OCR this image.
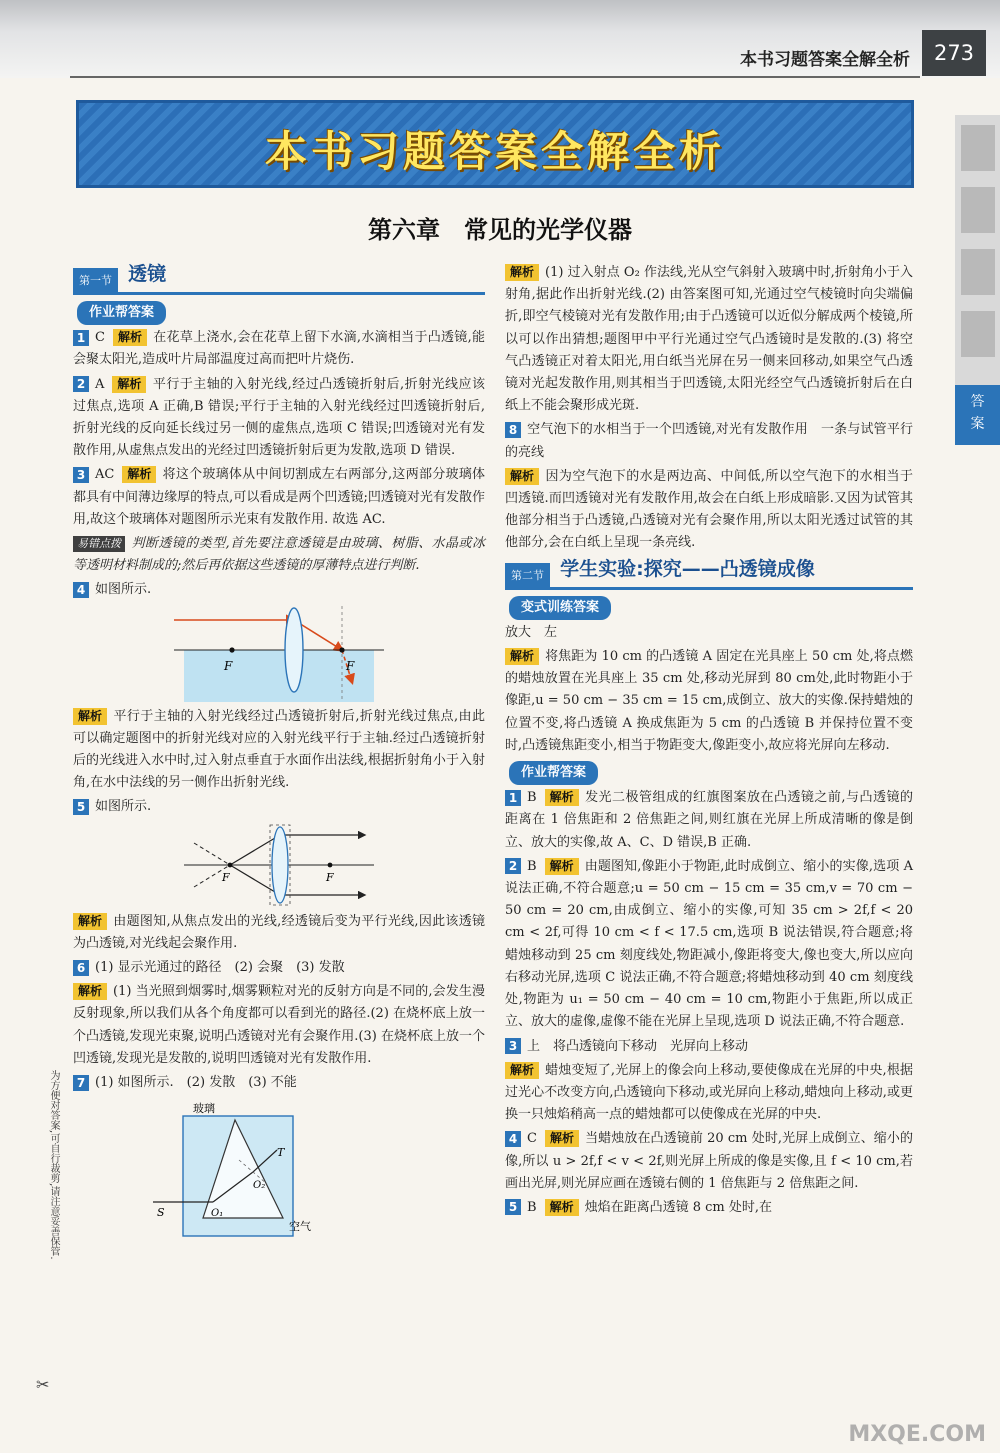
本书习题答案全解全析	273
本书习题答案全解全析
第六章　常见的光学仪器
答
案
第一节 透镜
作业帮答案

1 C 解析 在花草上浇水,会在花草上留下水滴,水滴相当于凸透镜,能会聚太阳光,造成叶片局部温度过高而把叶片烧伤.

2 A 解析 平行于主轴的入射光线,经过凸透镜折射后,折射光线应该过焦点,选项 A 正确,B 错误;平行于主轴的入射光线经过凹透镜折射后,折射光线的反向延长线过另一侧的虚焦点,选项 C 错误;凹透镜对光有发散作用,从虚焦点发出的光经过凹透镜折射后更为发散,选项 D 错误.

3 AC 解析 将这个玻璃体从中间切割成左右两部分,这两部分玻璃体都具有中间薄边缘厚的特点,可以看成是两个凹透镜;凹透镜对光有发散作用,故这个玻璃体对题图所示光束有发散作用. 故选 AC.

易错点拨 判断透镜的类型,首先要注意透镜是由玻璃、树脂、水晶或冰等透明材料制成的;然后再依据这些透镜的厚薄特点进行判断.

4 如图所示.

F	F

解析 平行于主轴的入射光线经过凸透镜折射后,折射光线过焦点,由此可以确定题图中的折射光线对应的入射光线平行于主轴.经过凸透镜折射后的光线进入水中时,过入射点垂直于水面作出法线,根据折射角小于入射角,在水中法线的另一侧作出折射光线.

5 如图所示.

F	F

解析 由题图知,从焦点发出的光线,经透镜后变为平行光线,因此该透镜为凸透镜,对光线起会聚作用.

6 (1) 显示光通过的路径　(2) 会聚　(3) 发散

解析 (1) 当光照到烟雾时,烟雾颗粒对光的反射方向是不同的,会发生漫反射现象,所以我们从各个角度都可以看到光的路径.(2) 在烧杯底上放一个凸透镜,发现光束聚,说明凸透镜对光有会聚作用.(3) 在烧杯底上放一个凹透镜,发现光是发散的,说明凹透镜对光有发散作用.

7 (1) 如图所示.　(2) 发散　(3) 不能

玻璃
空气
S
T
O₁
O₂

解析 (1) 过入射点 O₂ 作法线,光从空气斜射入玻璃中时,折射角小于入射角,据此作出折射光线.(2) 由答案图可知,光通过空气棱镜时向尖端偏折,即空气棱镜对光有发散作用;由于凸透镜可以近似分解成两个棱镜,所以可以作出猜想;题图甲中平行光通过空气凸透镜时是发散的.(3) 将空气凸透镜正对着太阳光,用白纸当光屏在另一侧来回移动,如果空气凸透镜对光起发散作用,则其相当于凹透镜,太阳光经空气凸透镜折射后在白纸上不能会聚形成光斑.

8 空气泡下的水相当于一个凹透镜,对光有发散作用　一条与试管平行的亮线

解析 因为空气泡下的水是两边高、中间低,所以空气泡下的水相当于凹透镜.而凹透镜对光有发散作用,故会在白纸上形成暗影.又因为试管其他部分相当于凸透镜,凸透镜对光有会聚作用,所以太阳光透过试管的其他部分,会在白纸上呈现一条亮线.

第二节 学生实验:探究——凸透镜成像
变式训练答案

放大　左

解析 将焦距为 10 cm 的凸透镜 A 固定在光具座上 50 cm 处,将点燃的蜡烛放置在光具座上 35 cm 处,移动光屏到 80 cm处,此时物距小于像距,u = 50 cm − 35 cm = 15 cm,成倒立、放大的实像.保持蜡烛的位置不变,将凸透镜 A 换成焦距为 5 cm 的凸透镜 B 并保持位置不变时,凸透镜焦距变小,相当于物距变大,像距变小,故应将光屏向左移动.

作业帮答案

1 B 解析 发光二极管组成的红旗图案放在凸透镜之前,与凸透镜的距离在 1 倍焦距和 2 倍焦距之间,则红旗在光屏上所成清晰的像是倒立、放大的实像,故 A、C、D 错误,B 正确.

2 B 解析 由题图知,像距小于物距,此时成倒立、缩小的实像,选项 A 说法正确,不符合题意;u = 50 cm − 15 cm = 35 cm,v = 70 cm − 50 cm = 20 cm,由成倒立、缩小的实像,可知 35 cm > 2f,f < 20 cm < 2f,可得 10 cm < f < 17.5 cm,选项 B 说法错误,符合题意;将蜡烛移动到 25 cm 刻度线处,物距减小,像距将变大,像也变大,所以应向右移动光屏,选项 C 说法正确,不符合题意;将蜡烛移动到 40 cm 刻度线处,物距为 u₁ = 50 cm − 40 cm = 10 cm,物距小于焦距,所以成正立、放大的虚像,虚像不能在光屏上呈现,选项 D 说法正确,不符合题意.

3 上　将凸透镜向下移动　光屏向上移动

解析 蜡烛变短了,光屏上的像会向上移动,要使像成在光屏的中央,根据过光心不改变方向,凸透镜向下移动,或光屏向上移动,蜡烛向上移动,或更换一只烛焰稍高一点的蜡烛都可以使像成在光屏的中央.

4 C 解析 当蜡烛放在凸透镜前 20 cm 处时,光屏上成倒立、缩小的像,所以 u > 2f,f < v < 2f,则光屏上所成的像是实像,且 f < 10 cm,若画出光屏,则光屏应画在透镜右侧的 1 倍焦距与 2 倍焦距之间.

5 B 解析 烛焰在距离凸透镜 8 cm 处时,在

为方便对答案,可自行裁剪,请注意妥善保管.
✂
MXQE.COM
